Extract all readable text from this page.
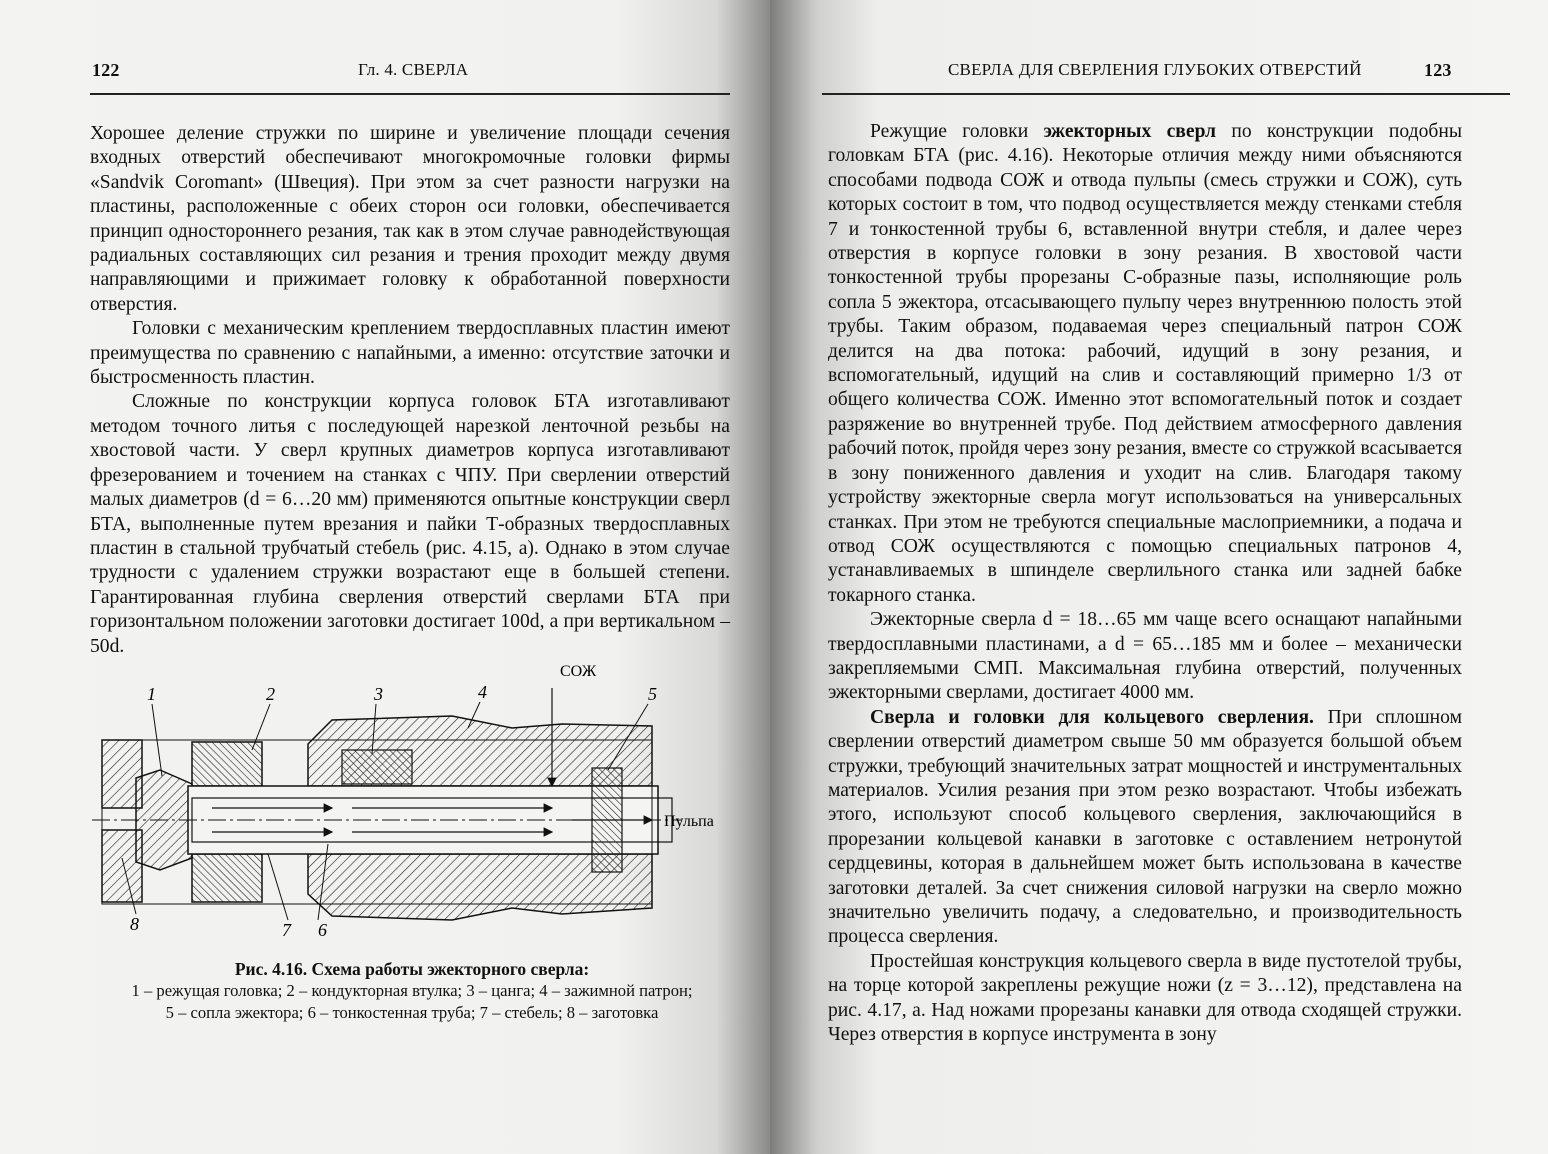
122	Гл. 4. СВЕРЛА

Хорошее деление стружки по ширине и увеличение площади сечения входных отверстий обеспечивают многокромочные головки фирмы «Sandvik Coromant» (Швеция). При этом за счет разности нагрузки на пластины, расположенные с обеих сторон оси головки, обеспечивается принцип одностороннего резания, так как в этом случае равнодействующая радиальных составляющих сил резания и трения проходит между двумя направляющими и прижимает головку к обработанной поверхности отверстия.

Головки с механическим креплением твердосплавных пластин имеют преимущества по сравнению с напайными, а именно: отсутствие заточки и быстросменность пластин.

Сложные по конструкции корпуса головок БТА изготавливают методом точного литья с последующей нарезкой ленточной резьбы на хвостовой части. У сверл крупных диаметров корпуса изготавливают фрезерованием и точением на станках с ЧПУ. При сверлении отверстий малых диаметров (d = 6…20 мм) применяются опытные конструкции сверл БТА, выполненные путем врезания и пайки Т-образных твердосплавных пластин в стальной трубчатый стебель (рис. 4.15, а). Однако в этом случае трудности с удалением стружки возрастают еще в большей степени. Гарантированная глубина сверления отверстий сверлами БТА при горизонтальном положении заготовки достигает 100d, а при вертикальном – 50d.

СОЖ
Пульпа
1	2	3	4	5
8	7 6
Рис. 4.16. Схема работы эжекторного сверла:
1 – режущая головка; 2 – кондукторная втулка; 3 – цанга; 4 – зажимной патрон;
5 – сопла эжектора; 6 – тонкостенная труба; 7 – стебель; 8 – заготовка
СВЕРЛА ДЛЯ СВЕРЛЕНИЯ ГЛУБОКИХ ОТВЕРСТИЙ	123

Режущие головки эжекторных сверл по конструкции подобны головкам БТА (рис. 4.16). Некоторые отличия между ними объясняются способами подвода СОЖ и отвода пульпы (смесь стружки и СОЖ), суть которых состоит в том, что подвод осуществляется между стенками стебля 7 и тонкостенной трубы 6, вставленной внутри стебля, и далее через отверстия в корпусе головки в зону резания. В хвостовой части тонкостенной трубы прорезаны С-образные пазы, исполняющие роль сопла 5 эжектора, отсасывающего пульпу через внутреннюю полость этой трубы. Таким образом, подаваемая через специальный патрон СОЖ делится на два потока: рабочий, идущий в зону резания, и вспомогательный, идущий на слив и составляющий примерно 1/3 от общего количества СОЖ. Именно этот вспомогательный поток и создает разряжение во внутренней трубе. Под действием атмосферного давления рабочий поток, пройдя через зону резания, вместе со стружкой всасывается в зону пониженного давления и уходит на слив. Благодаря такому устройству эжекторные сверла могут использоваться на универсальных станках. При этом не требуются специальные маслоприемники, а подача и отвод СОЖ осуществляются с помощью специальных патронов 4, устанавливаемых в шпинделе сверлильного станка или задней бабке токарного станка.

Эжекторные сверла d = 18…65 мм чаще всего оснащают напайными твердосплавными пластинами, а d = 65…185 мм и более – механически закрепляемыми СМП. Максимальная глубина отверстий, полученных эжекторными сверлами, достигает 4000 мм.

Сверла и головки для кольцевого сверления. При сплошном сверлении отверстий диаметром свыше 50 мм образуется большой объем стружки, требующий значительных затрат мощностей и инструментальных материалов. Усилия резания при этом резко возрастают. Чтобы избежать этого, используют способ кольцевого сверления, заключающийся в прорезании кольцевой канавки в заготовке с оставлением нетронутой сердцевины, которая в дальнейшем может быть использована в качестве заготовки деталей. За счет снижения силовой нагрузки на сверло можно значительно увеличить подачу, а следовательно, и производительность процесса сверления.

Простейшая конструкция кольцевого сверла в виде пустотелой трубы, на торце которой закреплены режущие ножи (z = 3…12), представлена на рис. 4.17, а. Над ножами прорезаны канавки для отвода сходящей стружки. Через отверстия в корпусе инструмента в зону
